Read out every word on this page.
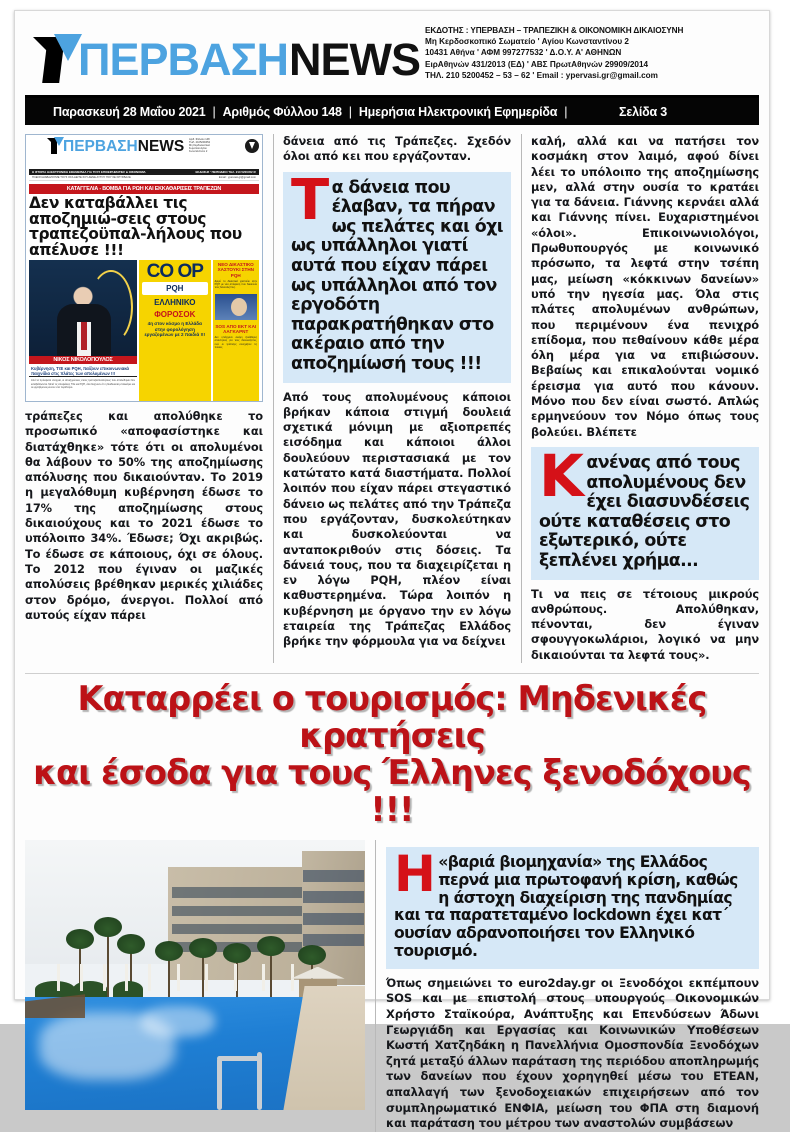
ΠΕΡΒΑΣΗ NEWS
ΕΚΔΟΤΗΣ : ΥΠΕΡΒΑΣΗ – ΤΡΑΠΕΖΙΚΗ & ΟΙΚΟΝΟΜΙΚΗ ΔΙΚΑΙΟΣΥΝΗ
Μη Κερδοσκοπικό Σωματείο ' Αγίου Κωνσταντίνου 2
10431 Αθήνα ' ΑΦΜ 997277532 ' Δ.Ο.Υ. Α' ΑΘΗΝΩΝ
ΕιρΑθηνών 431/2013 (ΕΔ) ' ΑΒΣ ΠρωτΑθηνών 29909/2014
ΤΗΛ. 210 5200452 – 53 – 62 ' Email : ypervasi.gr@gmail.com
Παρασκευή 28 Μαΐου 2021 | Αριθμός Φύλλου 148 | Ημερήσια Ηλεκτρονική Εφημερίδα |	Σελίδα 3
ΠΕΡΒΑΣΗ NEWS Αριθ. Φύλλου 148
ΤΗΛ. 2105200452
Μη Κερδοσκοπικό
Σωματείο Αγίου
Κωνσταντίνου 2
Η ΙΣΤΟΡΙΑ ΗΛΕΚΤΡΟΝΙΚΗ ΕΦΗΜΕΡΙΔΑ ΓΙΑ ΤΟΥΣ ΕΠΙΧΕΙΡΗΜΑΤΙΕΣ & ΟΙΚΟΝΟΜΙΑ	ΕΚΔΟΣΗΣ ' ΠΕΡΙΟΔΙΚΟ ΤΗΛ. 210 5200452 ΙΣ
ΠΛΕΟΝ ΔΙΑΒΑΖΟΥΜΕ ΤΟΥΣ ΟΣΑ ΔΕΙΤΕ ΣΟΥ ΔΕΝΕ ΑΥΤΟΥ ΠΟΥ ΣΕ ΚΡΥΣΒΑΛΕ	Email : ypervasi.gr@gmail.com
ΚΑΤΑΓΓΕΛΙΑ - ΒΟΜΒΑ ΓΙΑ ΡΩΗ ΚΑΙ ΕΚΚΑΘΑΡΙΣΕΙΣ ΤΡΑΠΕΖΩΝ
Δεν καταβάλλει τις αποζημιώ-σεις στους τραπεζοϋπαλ-λήλους που απέλυσε !!!
ΝΙΚΟΣ ΝΙΚΟΛΟΠΟΥΛΟΣ
Κυβέρνηση, ΤτΕ και PQH, παίζουν επικοινωνιακά παιχνίδια στις πλάτες των απολυμένων !!!
Από τα πρόσφατα στοιχεία, οι αποζημιώσεις στους τραπεζοϋπαλλήλους που απολύθηκαν δεν καταβάλλονται. Μετά τις αποφάσεις ΤτΕ και PQH, όλα δείχνουν ότι η διαδικασία μπλοκάρει και οι εργαζόμενοι μένουν στο περιθώριο.
CO OP
PQH
ΕΛΛΗΝΙΚΟ
ΦΟΡΟΣΟΚ
4η στον κόσμο η Ελλάδα στην φορολόγηση εργαζομένων με 2 παιδιά !!!
ΝΕΟ ΔΙΚΑΣΤΙΚΟ ΧΑΣΤΟΥΚΙ ΣΤΗΝ PQH
Δριμύ το δικαστικό χαστούκι στην PQH με νέα απόφαση που δικαιώνει τους δανειολήπτες.
SOS ΑΠΟ ΕΚΤ ΚΑΙ ΛΑΓΚΑΡΝΤ
Δεν υπάρχουν ακόμη ξεκάθαρες απαντήσεις για τους δανειολήπτες, ενώ οι τράπεζες συνεχίζουν τις πιέσεις.
τράπεζες και απολύθηκε το προσωπικό «αποφασίστηκε και διατάχθηκε» τότε ότι οι απολυμένοι θα λάβουν το 50% της αποζημίωσης απόλυσης που δικαιούνταν. Το 2019 η μεγαλόθυμη κυβέρνηση έδωσε το 17% της αποζημίωσης στους δικαιούχους και το 2021 έδωσε το υπόλοιπο 34%. Έδωσε; Όχι ακριβώς. Το έδωσε σε κάποιους, όχι σε όλους. Το 2012 που έγιναν οι μαζικές απολύσεις βρέθηκαν μερικές χιλιάδες στον δρόμο, άνεργοι. Πολλοί από αυτούς είχαν πάρει
δάνεια από τις Τράπεζες. Σχεδόν όλοι από κει που εργάζονταν.
Τα δάνεια που έλαβαν, τα πήραν ως πελάτες και όχι ως υπάλληλοι γιατί αυτά που είχαν πάρει ως υπάλληλοι από τον εργοδότη παρακρατήθηκαν στο ακέραιο από την αποζημίωσή τους !!!
Από τους απολυμένους κάποιοι βρήκαν κάποια στιγμή δουλειά σχετικά μόνιμη με αξιοπρεπές εισόδημα και κάποιοι άλλοι δουλεύουν περιστασιακά με τον κατώτατο κατά διαστήματα. Πολλοί λοιπόν που είχαν πάρει στεγαστικό δάνειο ως πελάτες από την Τράπεζα που εργάζονταν, δυσκολεύτηκαν και δυσκολεύονται να ανταποκριθούν στις δόσεις. Τα δάνειά τους, που τα διαχειρίζεται η εν λόγω PQH, πλέον είναι καθυστερημένα. Τώρα λοιπόν η κυβέρνηση με όργανο την εν λόγω εταιρεία της Τράπεζας Ελλάδος βρήκε την φόρμουλα για να δείχνει
καλή, αλλά και να πατήσει τον κοσμάκη στον λαιμό, αφού δίνει λέει το υπόλοιπο της αποζημίωσης μεν, αλλά στην ουσία το κρατάει για τα δάνεια. Γιάννης κερνάει αλλά και Γιάννης πίνει. Ευχαριστημένοι «όλοι». Επικοινωνιολόγοι, Πρωθυπουργός με κοινωνικό πρόσωπο, τα λεφτά στην τσέπη μας, μείωση «κόκκινων δανείων» υπό την ηγεσία μας. Όλα στις πλάτες απολυμένων ανθρώπων, που περιμένουν ένα πενιχρό επίδομα, που πεθαίνουν κάθε μέρα όλη μέρα για να επιβιώσουν. Βεβαίως και επικαλούνται νομικό έρεισμα για αυτό που κάνουν. Μόνο που δεν είναι σωστό. Απλώς ερμηνεύουν τον Νόμο όπως τους βολεύει. Βλέπετε
Κανένας από τους απολυμένους δεν έχει διασυνδέσεις ούτε καταθέσεις στο εξωτερικό, ούτε ξεπλένει χρήμα...
Τι να πεις σε τέτοιους μικρούς ανθρώπους. Απολύθηκαν, πένονται, δεν έγιναν σφουγγοκωλάριοι, λογικό να μην δικαιούνται τα λεφτά τους».
Καταρρέει ο τουρισμός: Μηδενικές κρατήσεις
και έσοδα για τους Έλληνες ξενοδόχους !!!
Η «βαριά βιομηχανία» της Ελλάδος περνά μια πρωτοφανή κρίση, καθώς η άστοχη διαχείριση της πανδημίας και τα παρατεταμένο lockdown έχει κατ΄ ουσίαν αδρανοποιήσει τον Ελληνικό τουρισμό.
Όπως σημειώνει το euro2day.gr οι Ξενοδόχοι εκπέμπουν SOS και με επιστολή στους υπουργούς Οικονομικών Χρήστο Σταϊκούρα, Ανάπτυξης και Επενδύσεων Άδωνι Γεωργιάδη και Εργασίας και Κοινωνικών Υποθέσεων Κωστή Χατζηδάκη η Πανελλήνια Ομοσπονδία Ξενοδόχων ζητά μεταξύ άλλων παράταση της περιόδου αποπληρωμής των δανείων που έχουν χορηγηθεί μέσω του ΕΤΕΑΝ, απαλλαγή των ξενοδοχειακών επιχειρήσεων από τον συμπληρωματικό ΕΝΦΙΑ, μείωση του ΦΠΑ στη διαμονή και παράταση του μέτρου των αναστολών συμβάσεων
